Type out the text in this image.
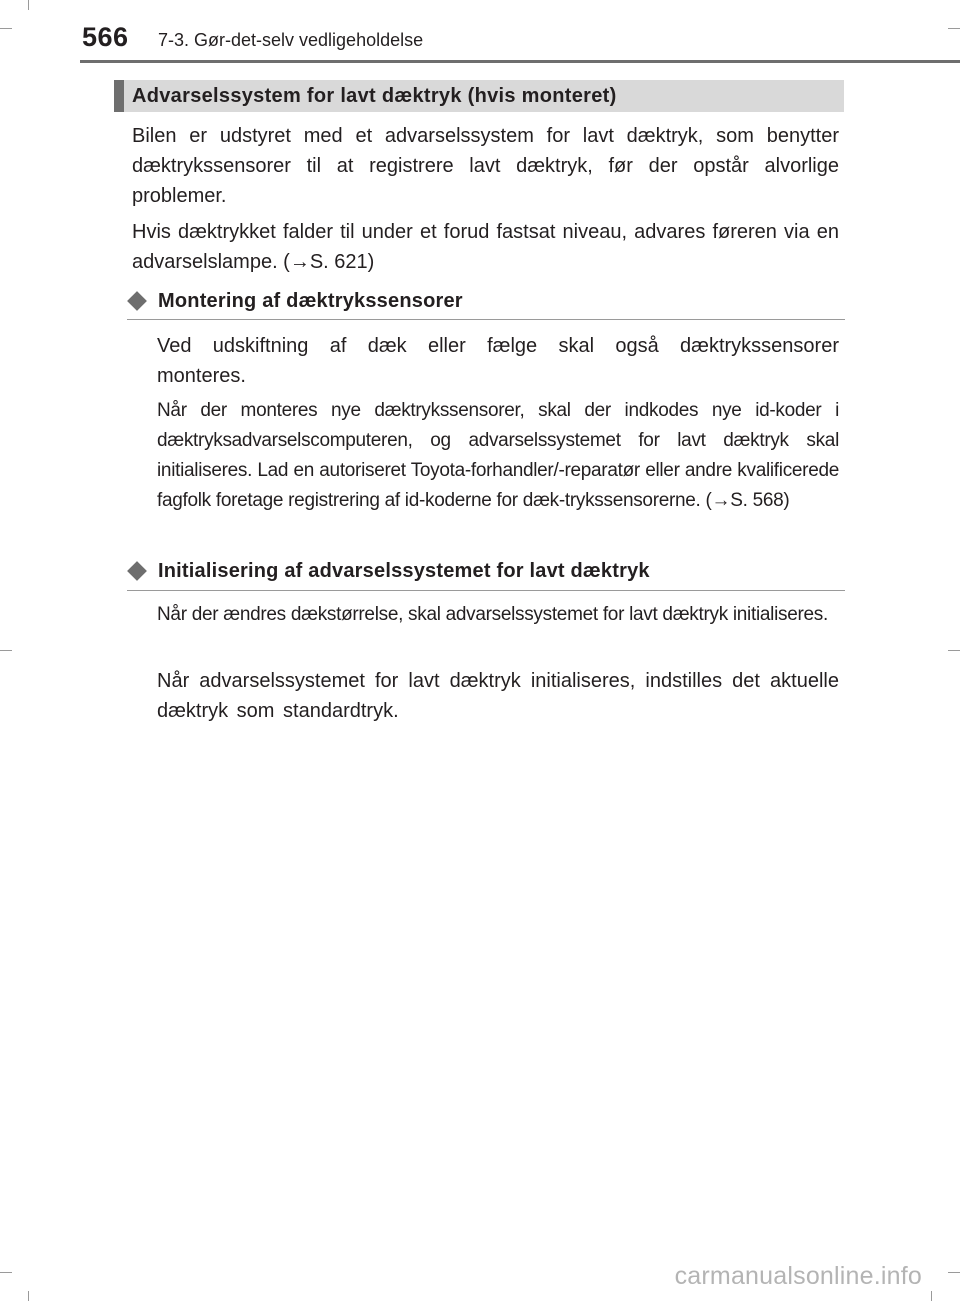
566 7-3. Gør-det-selv vedligeholdelse
Advarselssystem for lavt dæktryk (hvis monteret)

Bilen er udstyret med et advarselssystem for lavt dæktryk, som benytter dæktrykssensorer til at registrere lavt dæktryk, før der opstår alvorlige problemer.

Hvis dæktrykket falder til under et forud fastsat niveau, advares føreren via en advarselslampe. (→S. 621)

Montering af dæktrykssensorer

Ved udskiftning af dæk eller fælge skal også dæktrykssensorer monteres.

Når der monteres nye dæktrykssensorer, skal der indkodes nye id-koder i dæktryksadvarselscomputeren, og advarselssystemet for lavt dæktryk skal initialiseres. Lad en autoriseret Toyota-forhandler/-reparatør eller andre kvalificerede fagfolk foretage registrering af id-koderne for dæk-trykssensorerne. (→S. 568)

Initialisering af advarselssystemet for lavt dæktryk

Når der ændres dækstørrelse, skal advarselssystemet for lavt dæktryk initialiseres.

Når advarselssystemet for lavt dæktryk initialiseres, indstilles det aktuelle dæktryk som standardtryk.

carmanualsonline.info
